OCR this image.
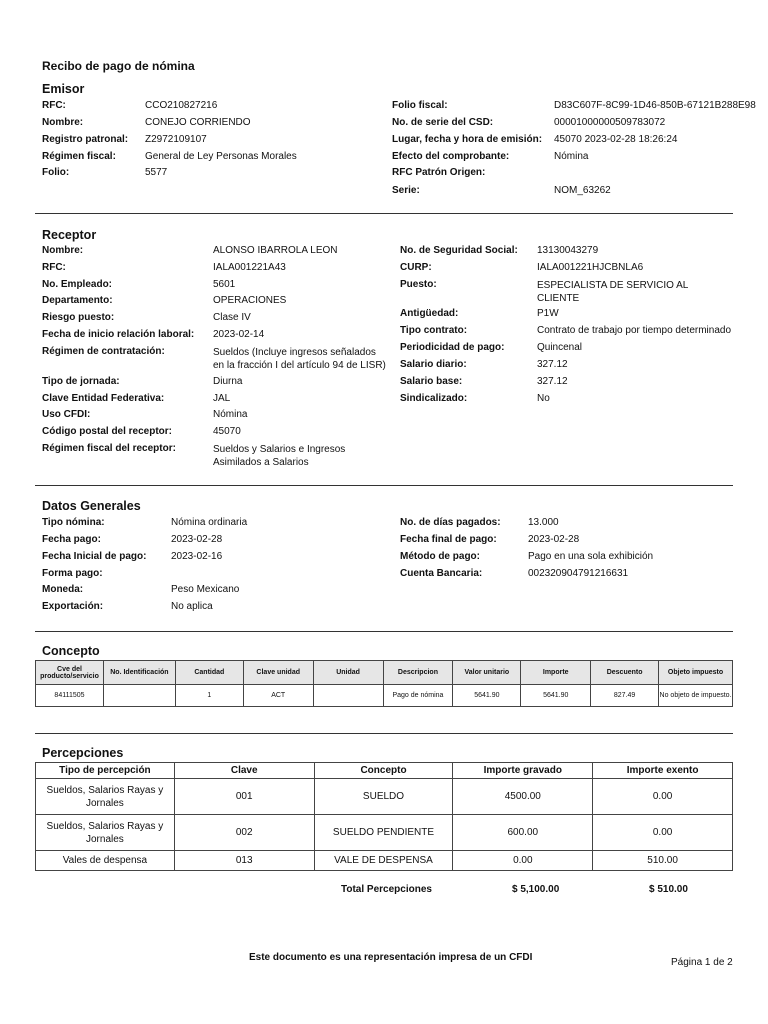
Recibo de pago de nómina
Emisor
RFC:	CCO210827216
Nombre:	CONEJO CORRIENDO
Registro patronal: Z2972109107
Régimen fiscal:	General de Ley Personas Morales
Folio:	5577
Folio fiscal:	D83C607F-8C99-1D46-850B-67121B288E98
No. de serie del CSD:	00001000000509783072
Lugar, fecha y hora de emisión: 45070 2023-02-28 18:26:24
Efecto del comprobante:	Nómina
RFC Patrón Origen:
Serie:	NOM_63262
Receptor
Nombre:	ALONSO IBARROLA LEON
RFC:	IALA001221A43
No. Empleado:	5601
Departamento:	OPERACIONES
Riesgo puesto:	Clase IV
Fecha de inicio relación laboral: 2023-02-14
Régimen de contratación:	Sueldos (Incluye ingresos señalados en la fracción I del artículo 94 de LISR)
Tipo de jornada:	Diurna
Clave Entidad Federativa:	JAL
Uso CFDI:	Nómina
Código postal del receptor:	45070
Régimen fiscal del receptor:	Sueldos y Salarios e Ingresos Asimilados a Salarios
No. de Seguridad Social: 13130043279
CURP:	IALA001221HJCBNLA6
Puesto:	ESPECIALISTA DE SERVICIO AL CLIENTE
Antigüedad:	P1W
Tipo contrato:	Contrato de trabajo por tiempo determinado
Periodicidad de pago:	Quincenal
Salario diario:	327.12
Salario base:	327.12
Sindicalizado:	No
Datos Generales
Tipo nómina:	Nómina ordinaria
Fecha pago:	2023-02-28
Fecha Inicial de pago: 2023-02-16
Forma pago:
Moneda:	Peso Mexicano
Exportación:	No aplica
No. de días pagados:	13.000
Fecha final de pago:	2023-02-28
Método de pago:	Pago en una sola exhibición
Cuenta Bancaria:	002320904791216631
Concepto
Cve del producto/servicio	No. Identificación	Cantidad	Clave unidad	Unidad	Descripcion	Valor unitario	Importe	Descuento	Objeto impuesto
84111505		1	ACT		Pago de nómina	5641.90	5641.90	827.49	No objeto de impuesto.
Percepciones
Tipo de percepción	Clave	Concepto	Importe gravado	Importe exento
Sueldos, Salarios Rayas y Jornales	001	SUELDO	4500.00	0.00
Sueldos, Salarios Rayas y Jornales	002	SUELDO PENDIENTE	600.00	0.00
Vales de despensa	013	VALE DE DESPENSA	0.00	510.00
Total Percepciones	$ 5,100.00	$ 510.00
Este documento es una representación impresa de un CFDI	Página 1 de 2
